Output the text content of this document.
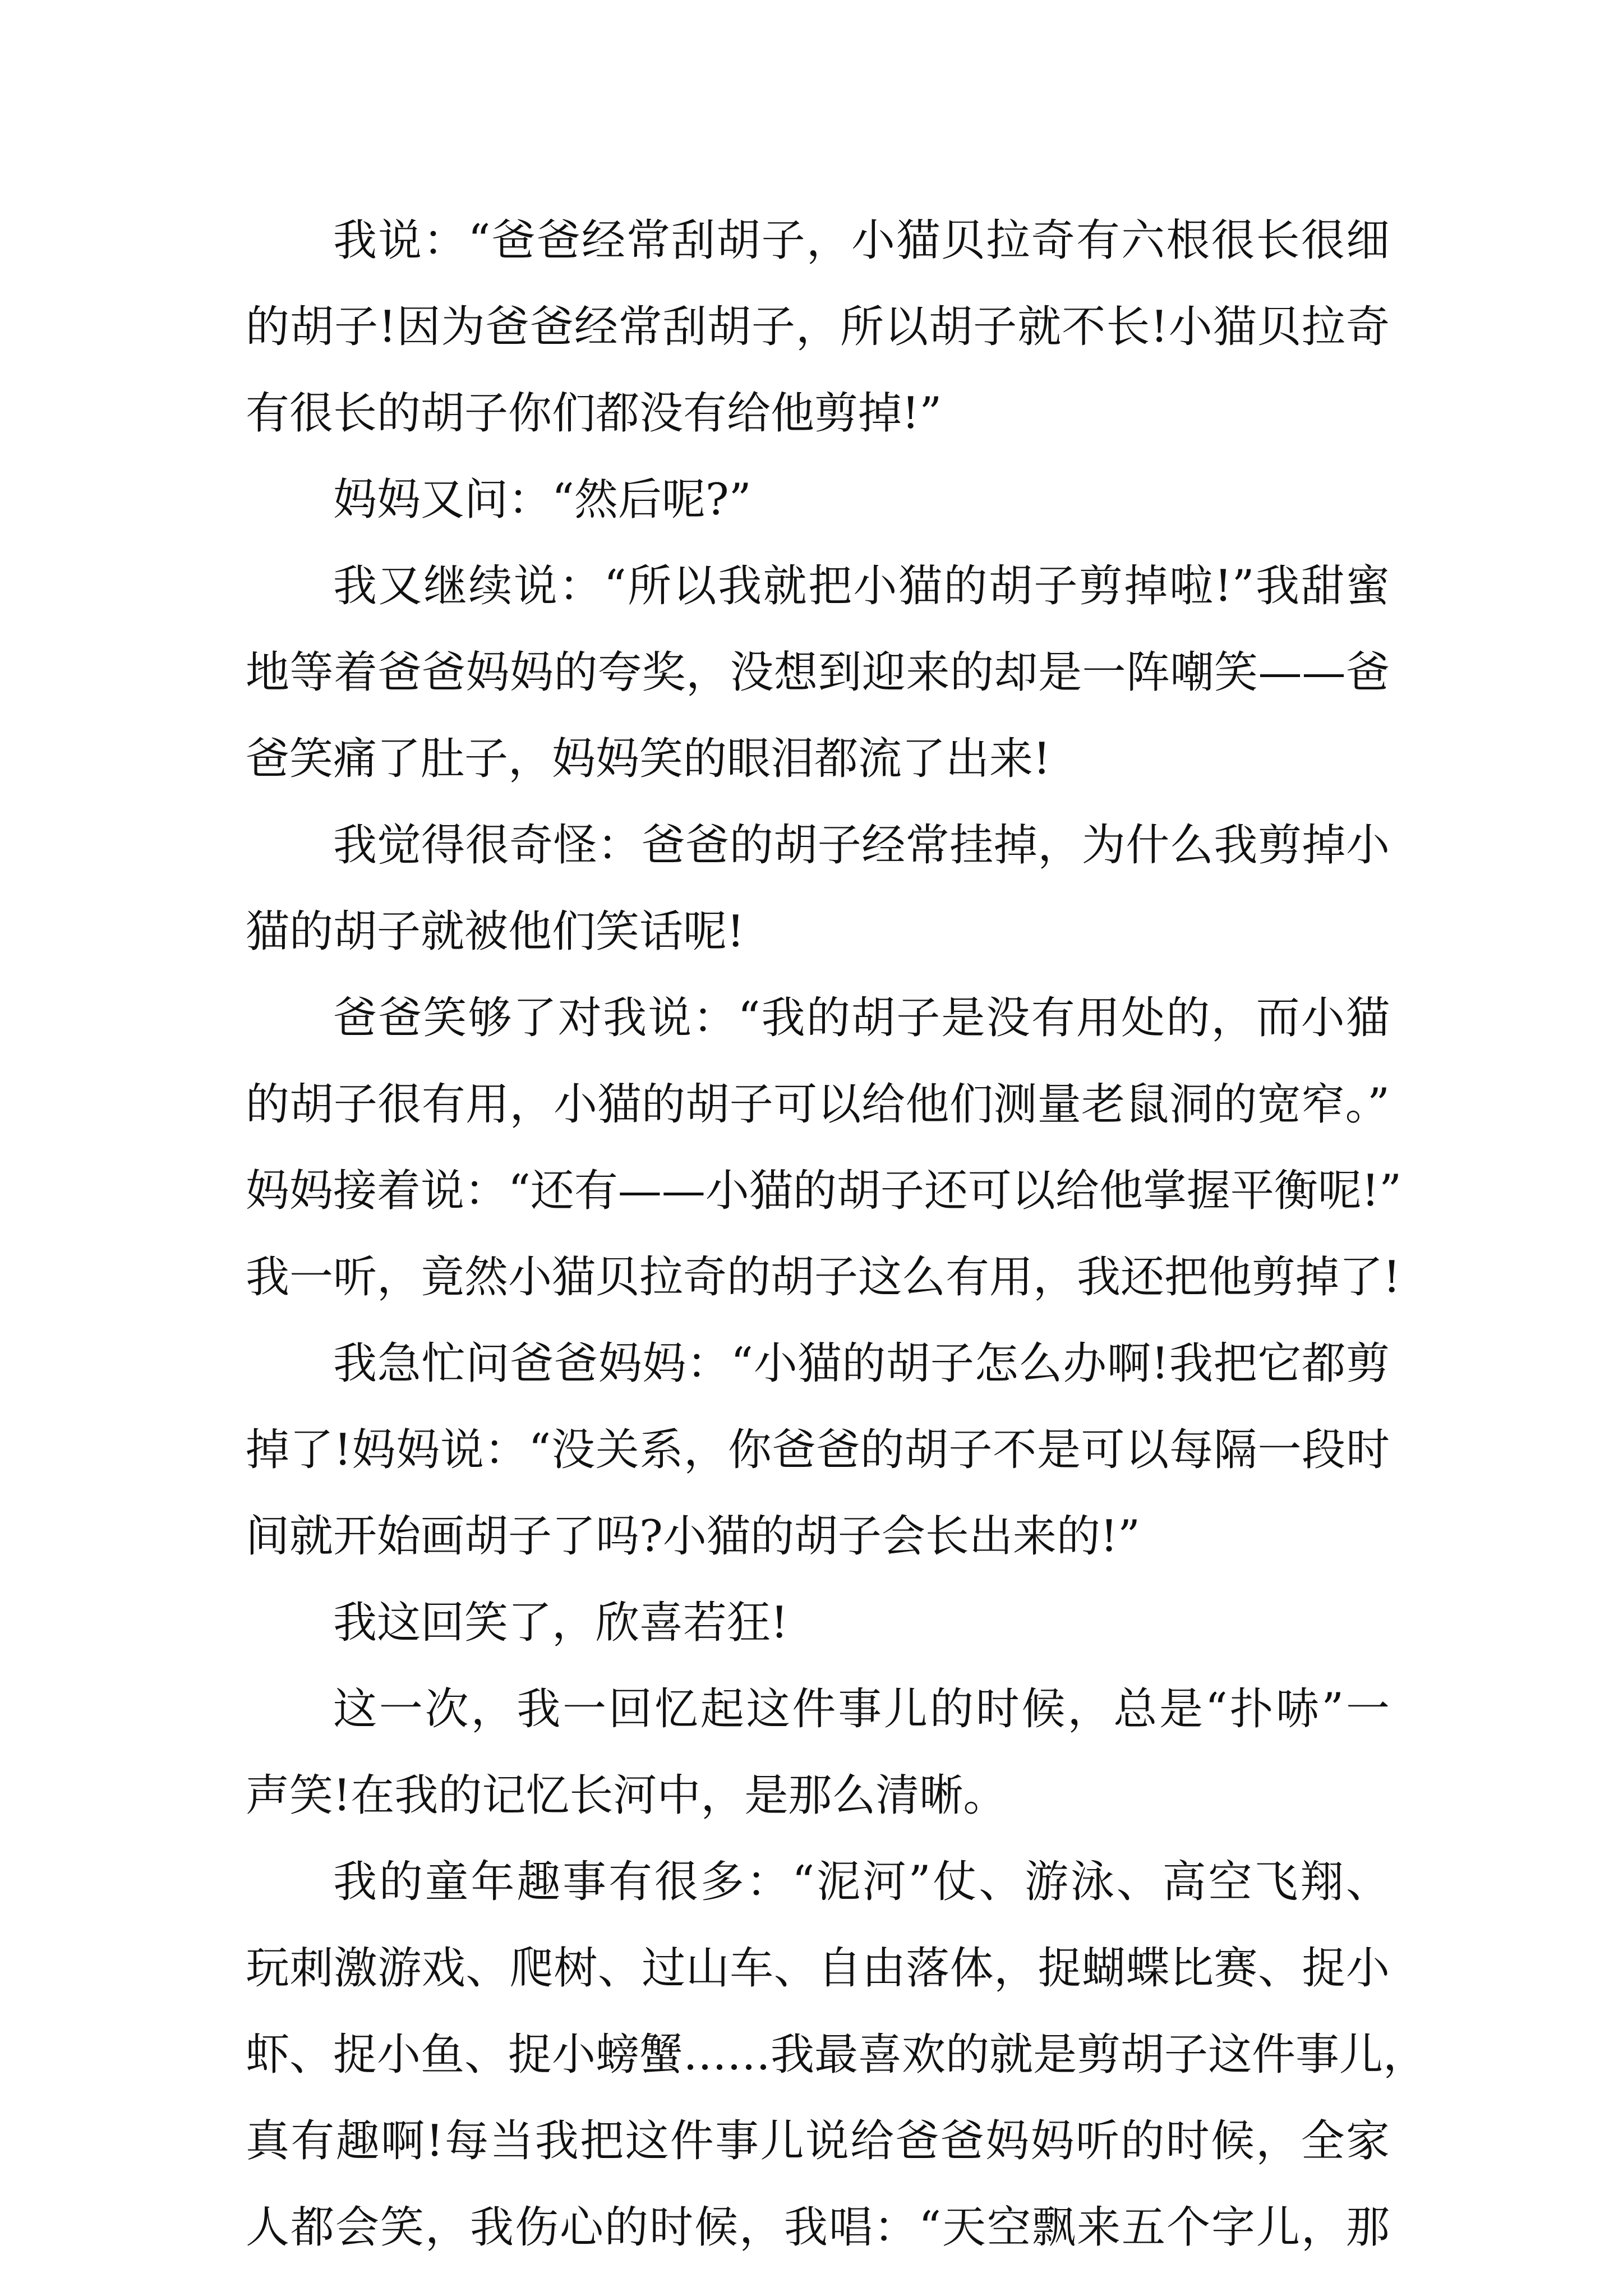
我说：“爸爸经常刮胡子，小猫贝拉奇有六根很长很细
的胡子!因为爸爸经常刮胡子，所以胡子就不长!小猫贝拉奇
有很长的胡子你们都没有给他剪掉!”
妈妈又问：“然后呢?”
我又继续说：“所以我就把小猫的胡子剪掉啦!”我甜蜜
地等着爸爸妈妈的夸奖，没想到迎来的却是一阵嘲笑——爸
爸笑痛了肚子，妈妈笑的眼泪都流了出来!
我觉得很奇怪：爸爸的胡子经常挂掉，为什么我剪掉小
猫的胡子就被他们笑话呢!
爸爸笑够了对我说：“我的胡子是没有用处的，而小猫
的胡子很有用，小猫的胡子可以给他们测量老鼠洞的宽窄。”
妈妈接着说：“还有——小猫的胡子还可以给他掌握平衡呢!”
我一听，竟然小猫贝拉奇的胡子这么有用，我还把他剪掉了!
我急忙问爸爸妈妈：“小猫的胡子怎么办啊!我把它都剪
掉了!妈妈说：“没关系，你爸爸的胡子不是可以每隔一段时
间就开始画胡子了吗?小猫的胡子会长出来的!”
我这回笑了，欣喜若狂!
这一次，我一回忆起这件事儿的时候，总是“扑哧”一
声笑!在我的记忆长河中，是那么清晰。
我的童年趣事有很多：“泥河”仗、游泳、高空飞翔、
玩刺激游戏、爬树、过山车、自由落体，捉蝴蝶比赛、捉小
虾、捉小鱼、捉小螃蟹……我最喜欢的就是剪胡子这件事儿，
真有趣啊!每当我把这件事儿说给爸爸妈妈听的时候，全家
人都会笑，我伤心的时候，我唱：“天空飘来五个字儿，那
